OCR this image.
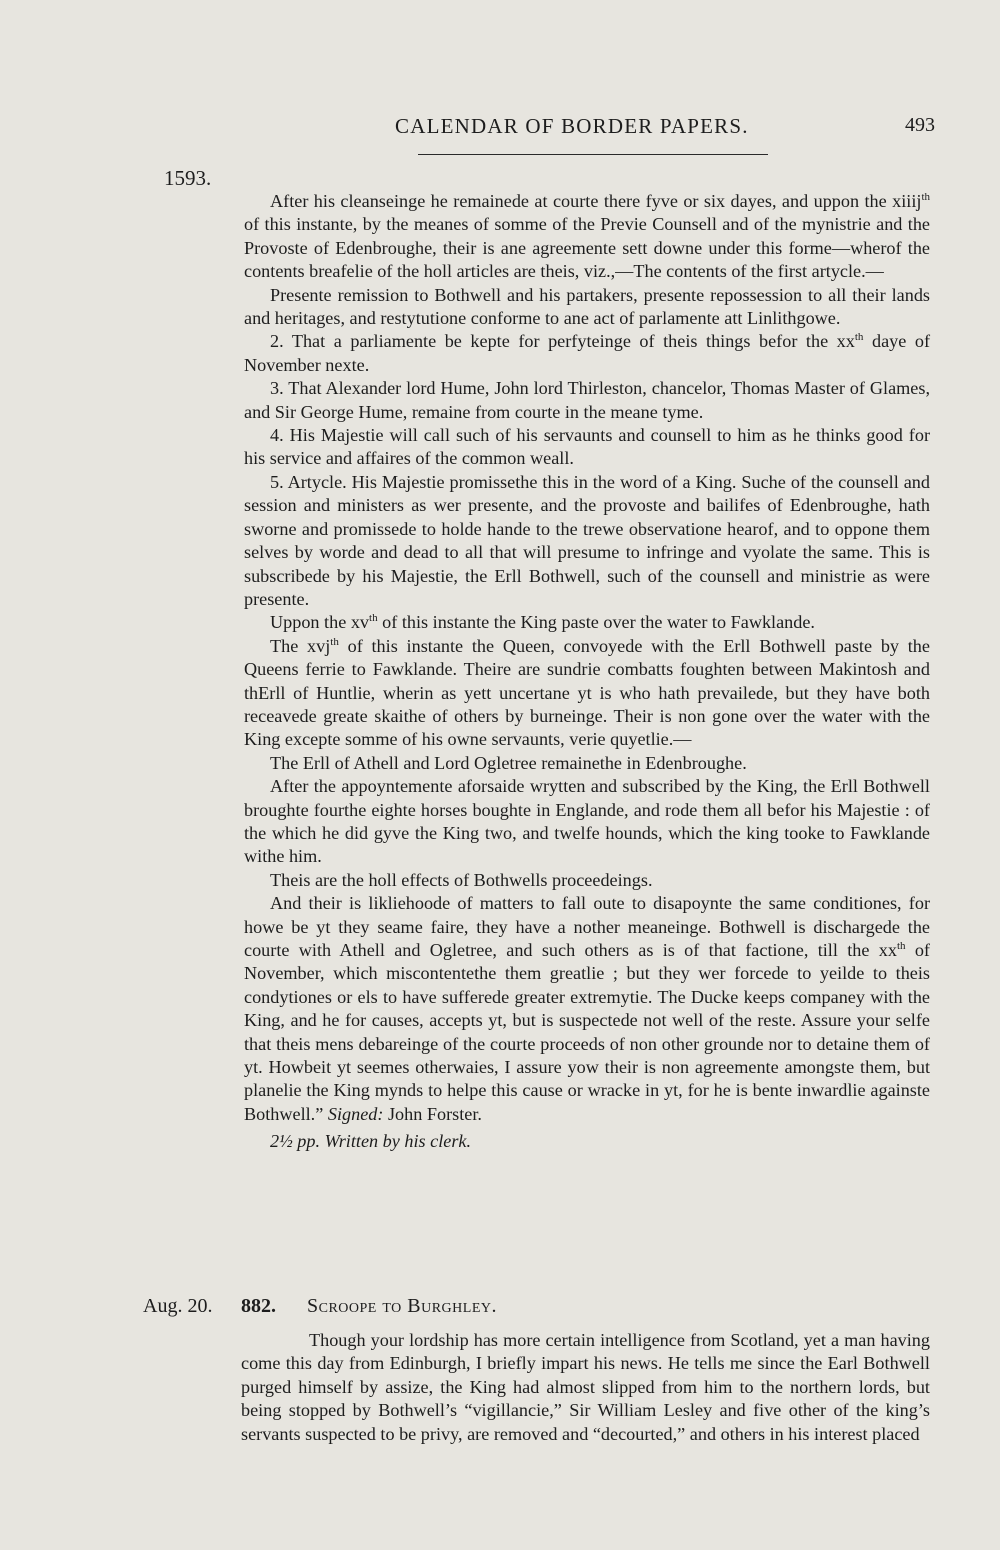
CALENDAR OF BORDER PAPERS.	493
1593.

After his cleanseinge he remainede at courte there fyve or six dayes, and uppon the xiiij$^{th}$ of this instante, by the meanes of somme of the Previe Counsell and of the mynistrie and the Provoste of Edenbroughe, their is ane agreemente sett downe under this forme—wherof the contents breafelie of the holl articles are theis, viz.,—The contents of the first artycle.—

Presente remission to Bothwell and his partakers, presente repossession to all their lands and heritages, and restytutione conforme to ane act of parlamente att Linlithgowe.

2. That a parliamente be kepte for perfyteinge of theis things befor the $xx^{th}$ daye of November nexte.

3. That Alexander lord Hume, John lord Thirleston, chancelor, Thomas Master of Glames, and Sir George Hume, remaine from courte in the meane tyme.

4. His Majestie will call such of his servaunts and counsell to him as he thinks good for his service and affaires of the common weall.

5. Artycle. His Majestie promissethe this in the word of a King. Suche of the counsell and session and ministers as wer presente, and the provoste and bailifes of Edenbroughe, hath sworne and promissede to holde hande to the trewe observatione hearof, and to oppone them selves by worde and dead to all that will presume to infringe and vyolate the same. This is subscribede by his Majestie, the Erll Bothwell, such of the counsell and ministrie as were presente.

Uppon the $xv^{th}$ of this instante the King paste over the water to Fawklande.

The xvj$^{th}$ of this instante the Queen, convoyede with the Erll Bothwell paste by the Queens ferrie to Fawklande. Theire are sundrie combatts foughten between Makintosh and thErll of Huntlie, wherin as yett uncertane yt is who hath prevailede, but they have both receavede greate skaithe of others by burneinge. Their is non gone over the water with the King excepte somme of his owne servaunts, verie quyetlie.—

The Erll of Athell and Lord Ogletree remainethe in Edenbroughe.

After the appoyntemente aforsaide wrytten and subscribed by the King, the Erll Bothwell broughte fourthe eighte horses boughte in Englande, and rode them all befor his Majestie : of the which he did gyve the King two, and twelfe hounds, which the king tooke to Fawklande withe him.

Theis are the holl effects of Bothwells proceedeings.

And their is likliehoode of matters to fall oute to disapoynte the same conditiones, for howe be yt they seame faire, they have a nother meaneinge. Bothwell is dischargede the courte with Athell and Ogletree, and such others as is of that factione, till the $xx^{th}$ of November, which miscontentethe them greatlie ; but they wer forcede to yeilde to theis condytiones or els to have sufferede greater extremytie. The Ducke keeps companey with the King, and he for causes, accepts yt, but is suspectede not well of the reste. Assure your selfe that theis mens debareinge of the courte proceeds of non other grounde nor to detaine them of yt. Howbeit yt seemes otherwaies, I assure yow their is non agreemente amongste them, but planelie the King mynds to helpe this cause or wracke in yt, for he is bente inwardlie againste Bothwell.” Signed: John Forster.

2½ pp. Written by his clerk.

Aug. 20. 882. Scroope to Burghley.

Though your lordship has more certain intelligence from Scotland, yet a man having come this day from Edinburgh, I briefly impart his news. He tells me since the Earl Bothwell purged himself by assize, the King had almost slipped from him to the northern lords, but being stopped by Bothwell’s “vigillancie,” Sir William Lesley and five other of the king’s servants suspected to be privy, are removed and “decourted,” and others in his interest placed
